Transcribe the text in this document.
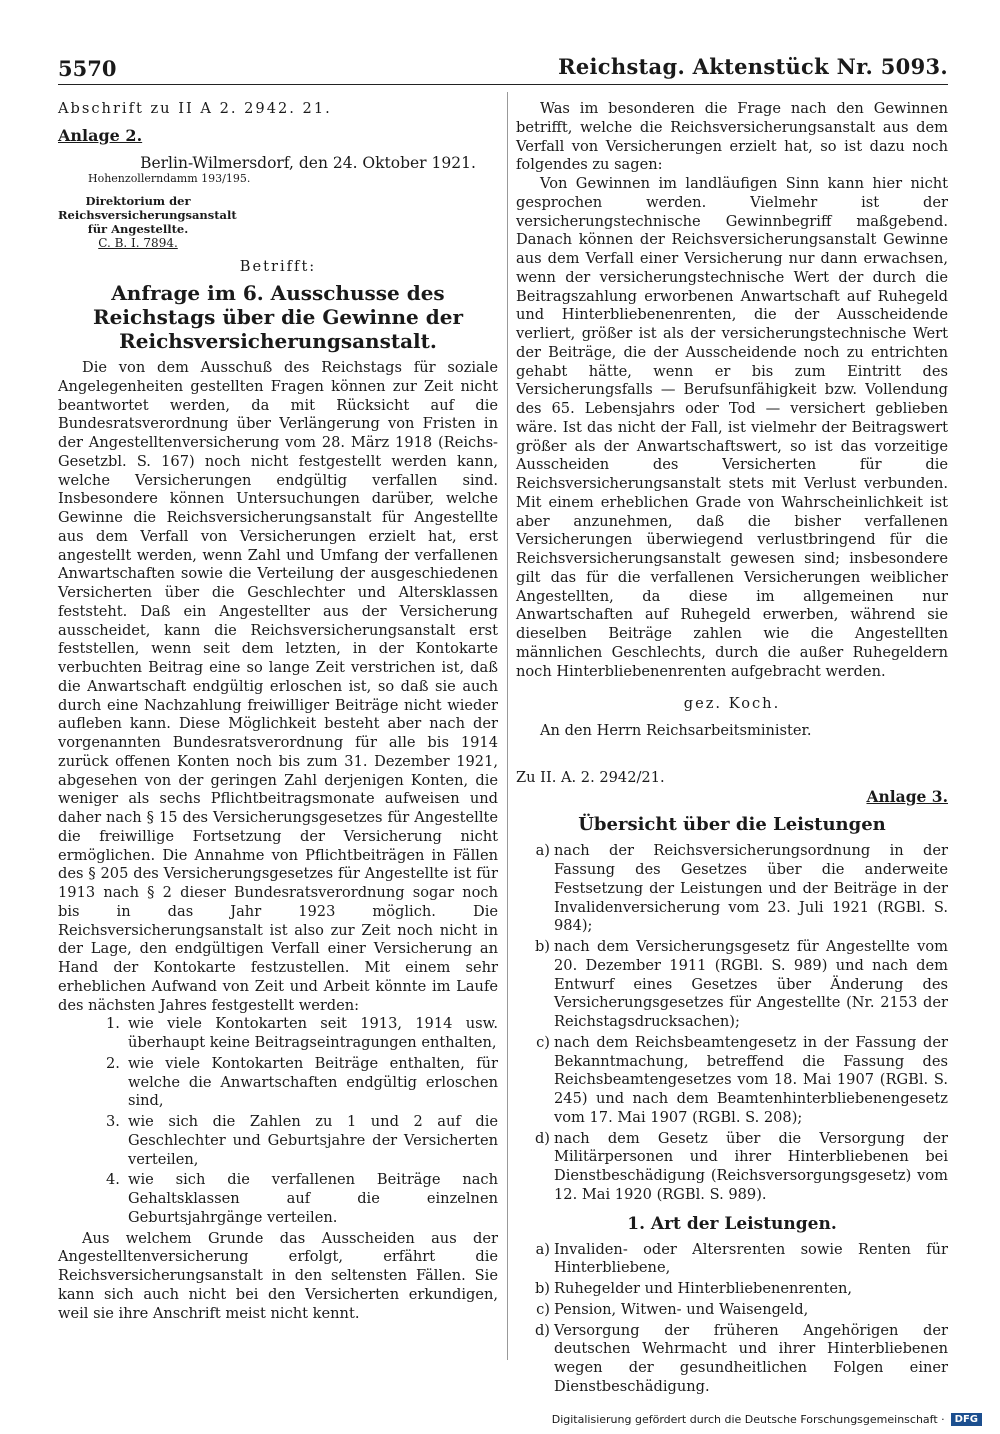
5570	Reichstag. Aktenstück Nr. 5093.

Abschrift zu II A 2. 2942. 21.

Anlage 2.

Berlin-Wilmersdorf, den 24. Oktober 1921.

Hohenzollerndamm 193/195.

Direktorium der

Reichsversicherungsanstalt

für Angestellte.

C. B. I. 7894.

Betrifft:

Anfrage im 6. Ausschusse des Reichstags über die Gewinne der Reichsversicherungsanstalt.

Die von dem Ausschuß des Reichstags für soziale Angelegenheiten gestellten Fragen können zur Zeit nicht beantwortet werden, da mit Rücksicht auf die Bundesratsverordnung über Verlängerung von Fristen in der Angestelltenversicherung vom 28. März 1918 (Reichs-Gesetzbl. S. 167) noch nicht festgestellt werden kann, welche Versicherungen endgültig verfallen sind. Insbesondere können Untersuchungen darüber, welche Gewinne die Reichsversicherungsanstalt für Angestellte aus dem Verfall von Versicherungen erzielt hat, erst angestellt werden, wenn Zahl und Umfang der verfallenen Anwartschaften sowie die Verteilung der ausgeschiedenen Versicherten über die Geschlechter und Altersklassen feststeht. Daß ein Angestellter aus der Versicherung ausscheidet, kann die Reichsversicherungsanstalt erst feststellen, wenn seit dem letzten, in der Kontokarte verbuchten Beitrag eine so lange Zeit verstrichen ist, daß die Anwartschaft endgültig erloschen ist, so daß sie auch durch eine Nachzahlung freiwilliger Beiträge nicht wieder aufleben kann. Diese Möglichkeit besteht aber nach der vorgenannten Bundesratsverordnung für alle bis 1914 zurück offenen Konten noch bis zum 31. Dezember 1921, abgesehen von der geringen Zahl derjenigen Konten, die weniger als sechs Pflichtbeitragsmonate aufweisen und daher nach § 15 des Versicherungsgesetzes für Angestellte die freiwillige Fortsetzung der Versicherung nicht ermöglichen. Die Annahme von Pflichtbeiträgen in Fällen des § 205 des Versicherungsgesetzes für Angestellte ist für 1913 nach § 2 dieser Bundesratsverordnung sogar noch bis in das Jahr 1923 möglich. Die Reichsversicherungsanstalt ist also zur Zeit noch nicht in der Lage, den endgültigen Verfall einer Versicherung an Hand der Kontokarte festzustellen. Mit einem sehr erheblichen Aufwand von Zeit und Arbeit könnte im Laufe des nächsten Jahres festgestellt werden:

1. wie viele Kontokarten seit 1913, 1914 usw. überhaupt keine Beitragseintragungen enthalten,
2. wie viele Kontokarten Beiträge enthalten, für welche die Anwartschaften endgültig erloschen sind,
3. wie sich die Zahlen zu 1 und 2 auf die Geschlechter und Geburtsjahre der Versicherten verteilen,
4. wie sich die verfallenen Beiträge nach Gehaltsklassen auf die einzelnen Geburtsjahrgänge verteilen.

Aus welchem Grunde das Ausscheiden aus der Angestelltenversicherung erfolgt, erfährt die Reichsversicherungsanstalt in den seltensten Fällen. Sie kann sich auch nicht bei den Versicherten erkundigen, weil sie ihre Anschrift meist nicht kennt.

Was im besonderen die Frage nach den Gewinnen betrifft, welche die Reichsversicherungsanstalt aus dem Verfall von Versicherungen erzielt hat, so ist dazu noch folgendes zu sagen:

Von Gewinnen im landläufigen Sinn kann hier nicht gesprochen werden. Vielmehr ist der versicherungstechnische Gewinnbegriff maßgebend. Danach können der Reichsversicherungsanstalt Gewinne aus dem Verfall einer Versicherung nur dann erwachsen, wenn der versicherungstechnische Wert der durch die Beitragszahlung erworbenen Anwartschaft auf Ruhegeld und Hinterbliebenenrenten, die der Ausscheidende verliert, größer ist als der versicherungstechnische Wert der Beiträge, die der Ausscheidende noch zu entrichten gehabt hätte, wenn er bis zum Eintritt des Versicherungsfalls — Berufsunfähigkeit bzw. Vollendung des 65. Lebensjahrs oder Tod — versichert geblieben wäre. Ist das nicht der Fall, ist vielmehr der Beitragswert größer als der Anwartschaftswert, so ist das vorzeitige Ausscheiden des Versicherten für die Reichsversicherungsanstalt stets mit Verlust verbunden. Mit einem erheblichen Grade von Wahrscheinlichkeit ist aber anzunehmen, daß die bisher verfallenen Versicherungen überwiegend verlustbringend für die Reichsversicherungsanstalt gewesen sind; insbesondere gilt das für die verfallenen Versicherungen weiblicher Angestellten, da diese im allgemeinen nur Anwartschaften auf Ruhegeld erwerben, während sie dieselben Beiträge zahlen wie die Angestellten männlichen Geschlechts, durch die außer Ruhegeldern noch Hinterbliebenenrenten aufgebracht werden.

gez. Koch.

An den Herrn Reichsarbeitsminister.

Zu II. A. 2. 2942/21.

Anlage 3.

Übersicht über die Leistungen

a) nach der Reichsversicherungsordnung in der Fassung des Gesetzes über die anderweite Festsetzung der Leistungen und der Beiträge in der Invalidenversicherung vom 23. Juli 1921 (RGBl. S. 984);
b) nach dem Versicherungsgesetz für Angestellte vom 20. Dezember 1911 (RGBl. S. 989) und nach dem Entwurf eines Gesetzes über Änderung des Versicherungsgesetzes für Angestellte (Nr. 2153 der Reichstagsdrucksachen);
c) nach dem Reichsbeamtengesetz in der Fassung der Bekanntmachung, betreffend die Fassung des Reichsbeamtengesetzes vom 18. Mai 1907 (RGBl. S. 245) und nach dem Beamtenhinterbliebenengesetz vom 17. Mai 1907 (RGBl. S. 208);
d) nach dem Gesetz über die Versorgung der Militärpersonen und ihrer Hinterbliebenen bei Dienstbeschädigung (Reichsversorgungsgesetz) vom 12. Mai 1920 (RGBl. S. 989).

1. Art der Leistungen.

a) Invaliden- oder Altersrenten sowie Renten für Hinterbliebene,
b) Ruhegelder und Hinterbliebenenrenten,
c) Pension, Witwen- und Waisengeld,
d) Versorgung der früheren Angehörigen der deutschen Wehrmacht und ihrer Hinterbliebenen wegen der gesundheitlichen Folgen einer Dienstbeschädigung.
Digitalisierung gefördert durch die Deutsche Forschungsgemeinschaft ·	DFG
